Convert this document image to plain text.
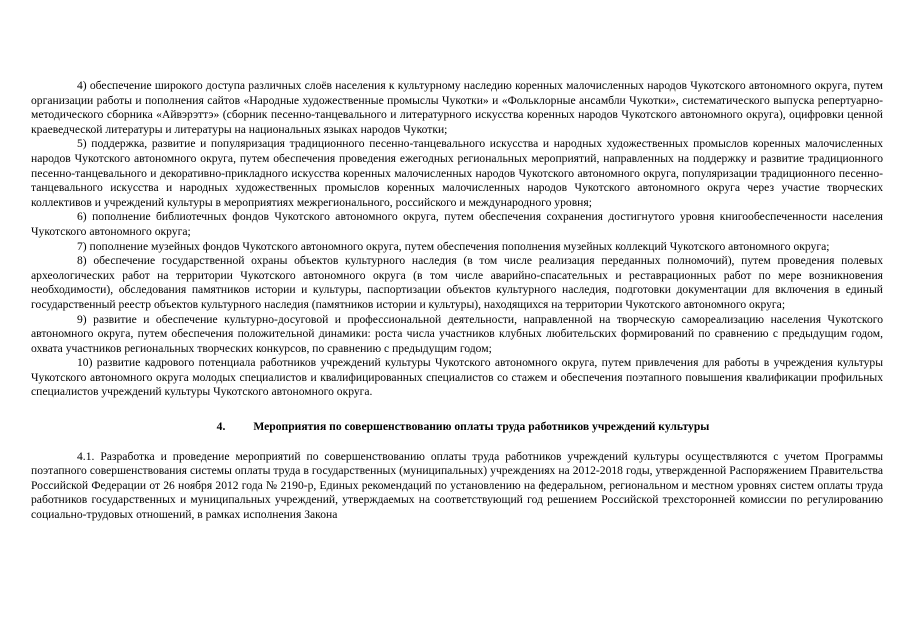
4) обеспечение широкого доступа различных слоёв населения к культурному наследию коренных малочисленных народов Чукотского автономного округа, путем организации работы и пополнения сайтов «Народные художественные промыслы Чукотки» и «Фольклорные ансамбли Чукотки», систематического выпуска репертуарно-методического сборника «Айвэрэттэ» (сборник песенно-танцевального и литературного искусства коренных народов Чукотского автономного округа), оцифровки ценной краеведческой литературы и литературы на национальных языках народов Чукотки;

5) поддержка, развитие и популяризация традиционного песенно-танцевального искусства и народных художественных промыслов коренных малочисленных народов Чукотского автономного округа, путем обеспечения проведения ежегодных региональных мероприятий, направленных на поддержку и развитие традиционного песенно-танцевального и декоративно-прикладного искусства коренных малочисленных народов Чукотского автономного округа, популяризации традиционного песенно-танцевального искусства и народных художественных промыслов коренных малочисленных народов Чукотского автономного округа через участие творческих коллективов и учреждений культуры в мероприятиях межрегионального, российского и международного уровня;

6) пополнение библиотечных фондов Чукотского автономного округа, путем обеспечения сохранения достигнутого уровня книгообеспеченности населения Чукотского автономного округа;

7) пополнение музейных фондов Чукотского автономного округа, путем обеспечения пополнения музейных коллекций Чукотского автономного округа;

8) обеспечение государственной охраны объектов культурного наследия (в том числе реализация переданных полномочий), путем проведения полевых археологических работ на территории Чукотского автономного округа (в том числе аварийно-спасательных и реставрационных работ по мере возникновения необходимости), обследования памятников истории и культуры, паспортизации объектов культурного наследия, подготовки документации для включения в единый государственный реестр объектов культурного наследия (памятников истории и культуры), находящихся на территории Чукотского автономного округа;

9) развитие и обеспечение культурно-досуговой и профессиональной деятельности, направленной на творческую самореализацию населения Чукотского автономного округа, путем обеспечения положительной динамики: роста числа участников клубных любительских формирований по сравнению с предыдущим годом, охвата участников региональных творческих конкурсов, по сравнению с предыдущим годом;

10) развитие кадрового потенциала работников учреждений культуры Чукотского автономного округа, путем привлечения для работы в учреждения культуры Чукотского автономного округа молодых специалистов и квалифицированных специалистов со стажем и обеспечения поэтапного повышения квалификации профильных специалистов учреждений культуры Чукотского автономного округа.

4. Мероприятия по совершенствованию оплаты труда работников учреждений культуры

4.1. Разработка и проведение мероприятий по совершенствованию оплаты труда работников учреждений культуры осуществляются с учетом Программы поэтапного совершенствования системы оплаты труда в государственных (муниципальных) учреждениях на 2012-2018 годы, утвержденной Распоряжением Правительства Российской Федерации от 26 ноября 2012 года № 2190-р, Единых рекомендаций по установлению на федеральном, региональном и местном уровнях систем оплаты труда работников государственных и муниципальных учреждений, утверждаемых на соответствующий год решением Российской трехсторонней комиссии по регулированию социально-трудовых отношений, в рамках исполнения Закона
